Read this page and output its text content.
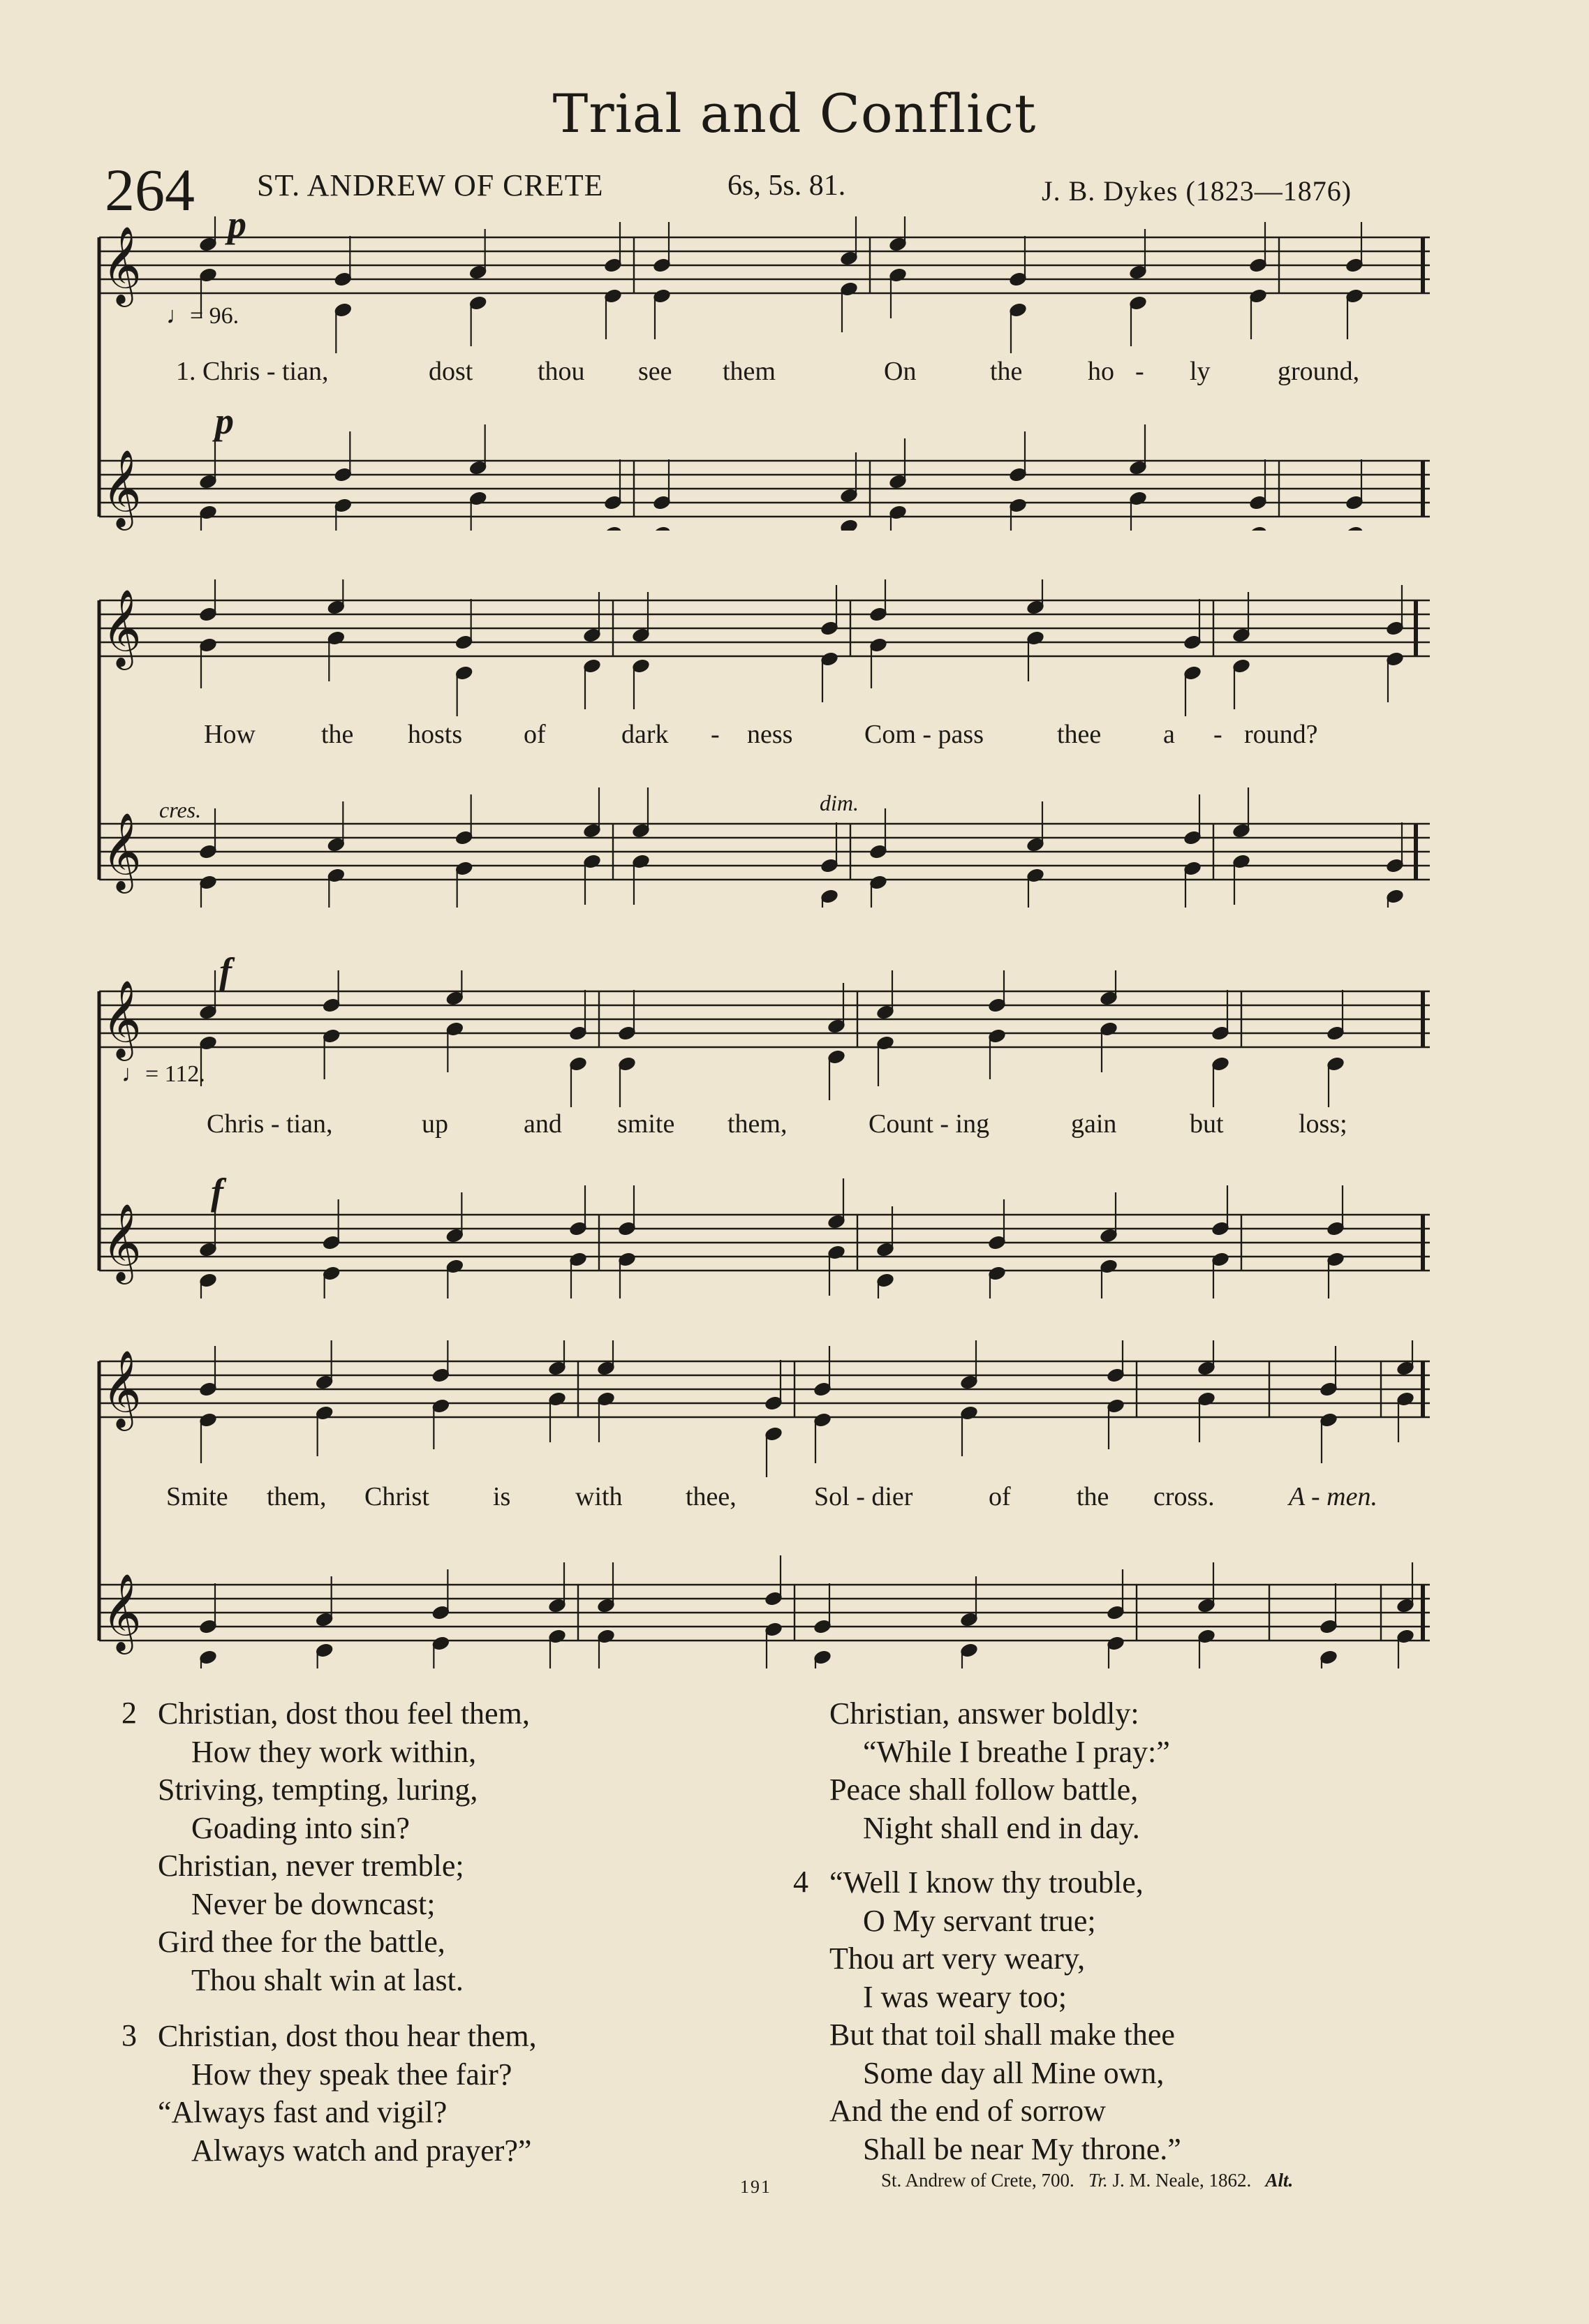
Trial and Conflict
264 ST. ANDREW OF CRETE	6s, 5s. 81.	J. B. Dykes (1823—1876)
𝄞
𝄞
p
♩= 96.
p
1. Chris - tian,	dost thou see them	On	the ho - ly	ground,
𝄞
𝄞
cres.	dim.
How the hosts of	dark - ness	Com - pass	thee a - round?
𝄞
𝄞
f
♩= 112.
f
Chris - tian,	up	and smite them,	Count - ing	gain	but	loss;
𝄞
𝄞
Smite them, Christ is with thee,	Sol - dier	of the cross.	A - men.
2 Christian, dost thou feel them,
How they work within,
Striving, tempting, luring,
Goading into sin?
Christian, never tremble;
Never be downcast;
Gird thee for the battle,
Thou shalt win at last.
3 Christian, dost thou hear them,
How they speak thee fair?
“Always fast and vigil?
Always watch and prayer?”
Christian, answer boldly:
“While I breathe I pray:”
Peace shall follow battle,
Night shall end in day.
4 “Well I know thy trouble,
O My servant true;
Thou art very weary,
I was weary too;
But that toil shall make thee
Some day all Mine own,
And the end of sorrow
Shall be near My throne.”
191	St. Andrew of Crete, 700. Tr. J. M. Neale, 1862. Alt.
